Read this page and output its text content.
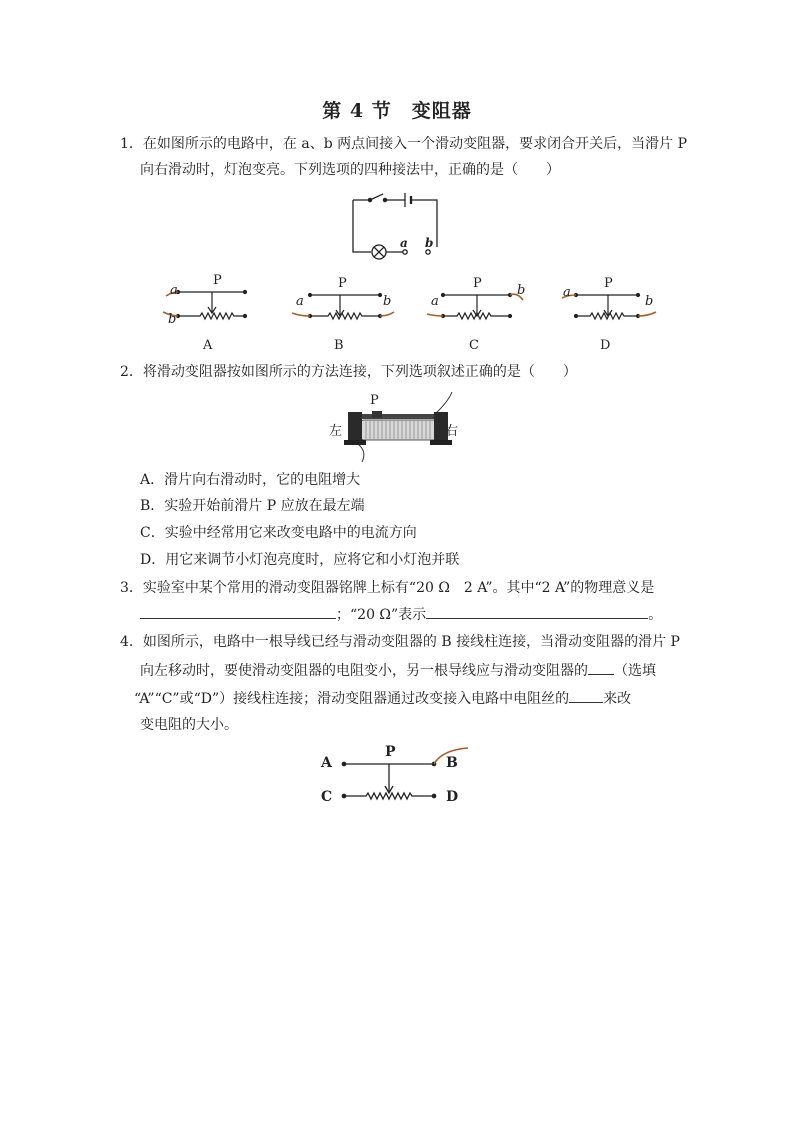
第 4 节　变阻器
1．在如图所示的电路中，在 a、b 两点间接入一个滑动变阻器，要求闭合开关后，当滑片 P
向右滑动时，灯泡变亮。下列选项的四种接法中，正确的是（　　）
a b
P
a
b
A
P
a	b
B
P
a
b
C
P
a
b
D
2．将滑动变阻器按如图所示的方法连接，下列选项叙述正确的是（　　）
P
左	右
A．滑片向右滑动时，它的电阻增大
B．实验开始前滑片 P 应放在最左端
C．实验中经常用它来改变电路中的电流方向
D．用它来调节小灯泡亮度时，应将它和小灯泡并联
3．实验室中某个常用的滑动变阻器铭牌上标有“20 Ω　2 A”。其中“2 A”的物理意义是
；“20 Ω”表示	。
4．如图所示，电路中一根导线已经与滑动变阻器的 B 接线柱连接，当滑动变阻器的滑片 P
向左移动时，要使滑动变阻器的电阻变小，另一根导线应与滑动变阻器的 （选填
“A”“C”或“D”）接线柱连接；滑动变阻器通过改变接入电路中电阻丝的 来改
变电阻的大小。
A	B
C	D
P
